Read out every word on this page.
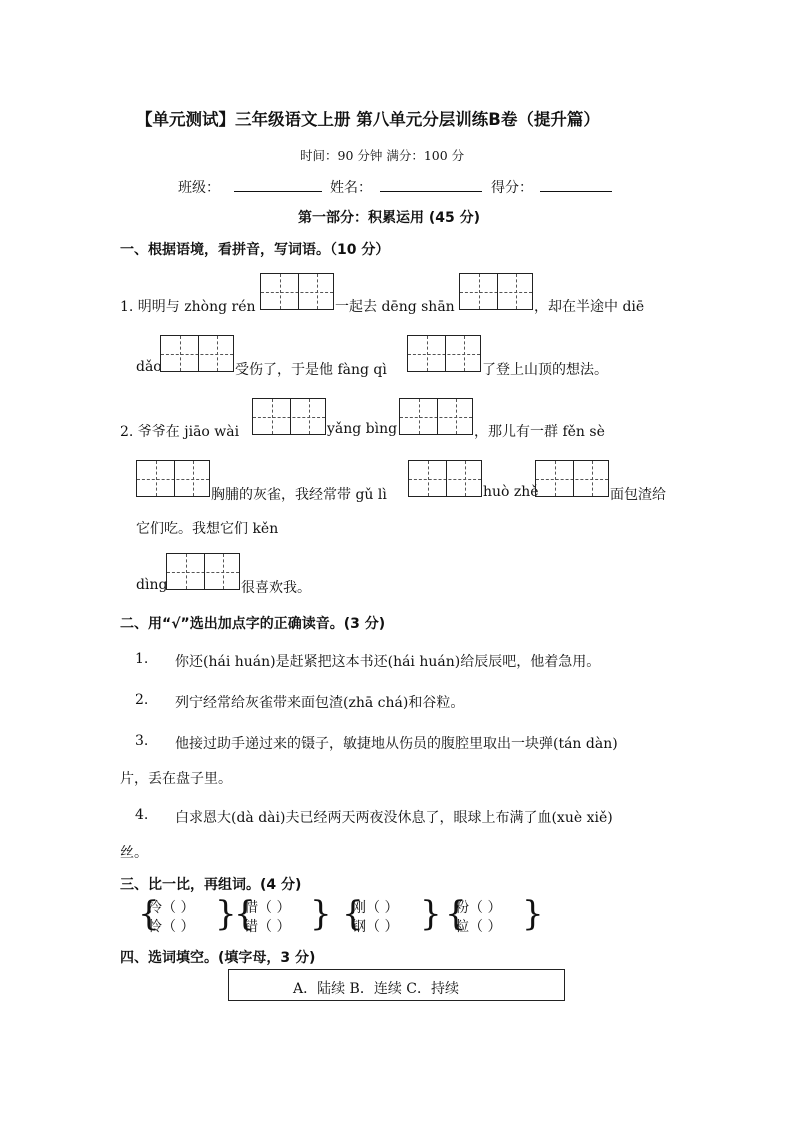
【单元测试】三年级语文上册 第八单元分层训练B卷（提升篇）
时间：90 分钟 满分：100 分
班级：	姓名：	得分：
第一部分：积累运用 (45 分)
一、根据语境，看拼音，写词语。（10 分）
1. 明明与 zhòng rén	一起去 dēng shān	，却在半途中 diē
dǎo	受伤了，于是他 fàng qì	了登上山顶的想法。
2. 爷爷在 jiāo wài	yǎng bìng	，那儿有一群 fěn sè
胸脯的灰雀，我经常带 gǔ lì	huò zhě	面包渣给
它们吃。我想它们 kěn
dìng	很喜欢我。
二、用“√”选出加点字的正确读音。(3 分)
1. 你还(hái huán)是赶紧把这本书还(hái huán)给辰辰吧，他着急用。
2. 列宁经常给灰雀带来面包渣(zhā chá)和谷粒。
3. 他接过助手递过来的镊子，敏捷地从伤员的腹腔里取出一块弹(tán dàn)
片，丢在盘子里。
4. 白求恩大(dà dài)夫已经两天两夜没休息了，眼球上布满了血(xuè xiě)
丝。
三、比一比，再组词。(4 分)
{
冷（ ）
怜（ ） }
{
惜（ ）
错（ ） } {
刚（ ）
钢（ ） } {
粉（ ）
粒（ ） }
四、选词填空。(填字母，3 分)
A．陆续 B．连续 C．持续
